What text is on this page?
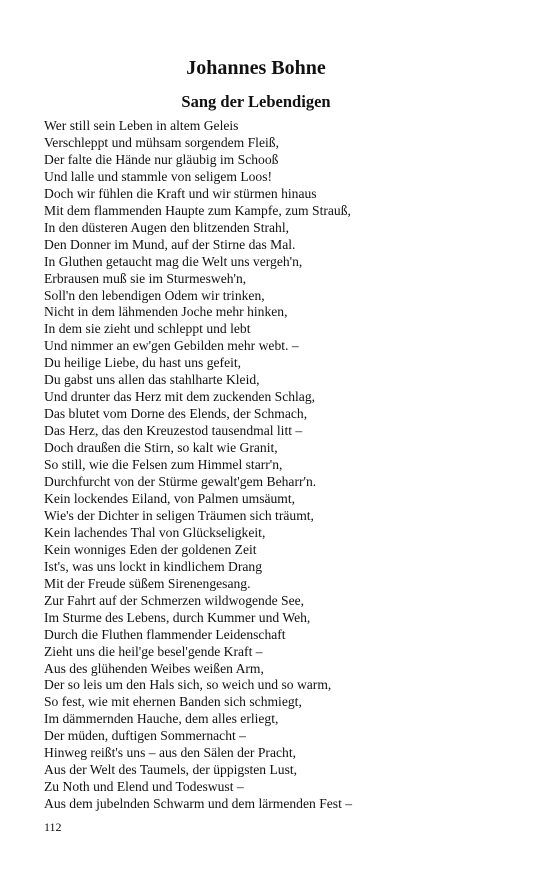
Johannes Bohne
Sang der Lebendigen
Wer still sein Leben in altem Geleis
Verschleppt und mühsam sorgendem Fleiß,
Der falte die Hände nur gläubig im Schooß
Und lalle und stammle von seligem Loos!
Doch wir fühlen die Kraft und wir stürmen hinaus
Mit dem flammenden Haupte zum Kampfe, zum Strauß,
In den düsteren Augen den blitzenden Strahl,
Den Donner im Mund, auf der Stirne das Mal.
In Gluthen getaucht mag die Welt uns vergeh'n,
Erbrausen muß sie im Sturmesweh'n,
Soll'n den lebendigen Odem wir trinken,
Nicht in dem lähmenden Joche mehr hinken,
In dem sie zieht und schleppt und lebt
Und nimmer an ew'gen Gebilden mehr webt. –
Du heilige Liebe, du hast uns gefeit,
Du gabst uns allen das stahlharte Kleid,
Und drunter das Herz mit dem zuckenden Schlag,
Das blutet vom Dorne des Elends, der Schmach,
Das Herz, das den Kreuzestod tausendmal litt –
Doch draußen die Stirn, so kalt wie Granit,
So still, wie die Felsen zum Himmel starr'n,
Durchfurcht von der Stürme gewalt'gem Beharr'n.
Kein lockendes Eiland, von Palmen umsäumt,
Wie's der Dichter in seligen Träumen sich träumt,
Kein lachendes Thal von Glückseligkeit,
Kein wonniges Eden der goldenen Zeit
Ist's, was uns lockt in kindlichem Drang
Mit der Freude süßem Sirenengesang.
Zur Fahrt auf der Schmerzen wildwogende See,
Im Sturme des Lebens, durch Kummer und Weh,
Durch die Fluthen flammender Leidenschaft
Zieht uns die heil'ge besel'gende Kraft –
Aus des glühenden Weibes weißen Arm,
Der so leis um den Hals sich, so weich und so warm,
So fest, wie mit ehernen Banden sich schmiegt,
Im dämmernden Hauche, dem alles erliegt,
Der müden, duftigen Sommernacht –
Hinweg reißt's uns – aus den Sälen der Pracht,
Aus der Welt des Taumels, der üppigsten Lust,
Zu Noth und Elend und Todeswust –
Aus dem jubelnden Schwarm und dem lärmenden Fest –
112
